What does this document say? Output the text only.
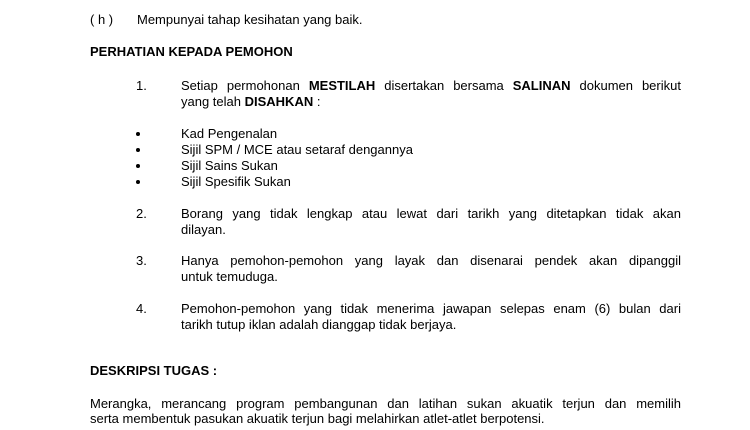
( h ) Mempunyai tahap kesihatan yang baik.
PERHATIAN KEPADA PEMOHON
1.	Setiap permohonan MESTILAH disertakan bersama SALINAN dokumen berikut
yang telah DISAHKAN :
Kad Pengenalan
Sijil SPM / MCE atau setaraf dengannya
Sijil Sains Sukan
Sijil Spesifik Sukan
2.	Borang yang tidak lengkap atau lewat dari tarikh yang ditetapkan tidak akan
dilayan.
3.	Hanya pemohon-pemohon yang layak dan disenarai pendek akan dipanggil
untuk temuduga.
4.	Pemohon-pemohon yang tidak menerima jawapan selepas enam (6) bulan dari
tarikh tutup iklan adalah dianggap tidak berjaya.
DESKRIPSI TUGAS :
Merangka, merancang program pembangunan dan latihan sukan akuatik terjun dan memilih
serta membentuk pasukan akuatik terjun bagi melahirkan atlet-atlet berpotensi.
